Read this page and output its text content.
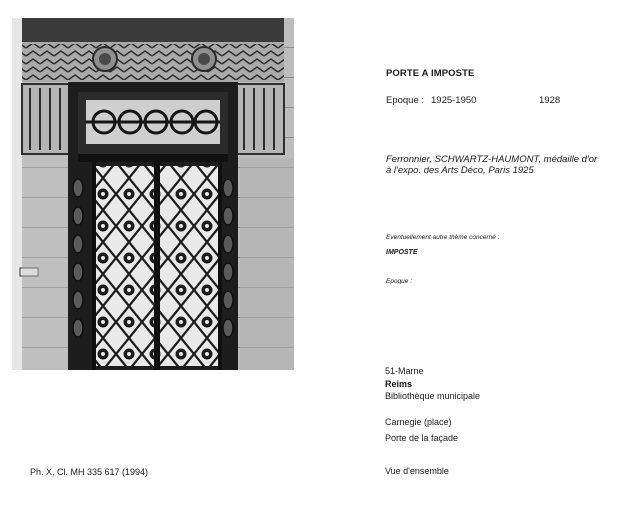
PORTE A IMPOSTE
Epoque : 1925-1950	1928
Ferronnier, SCHWARTZ-HAUMONT, médaille d'or à l'expo. des Arts Déco, Paris 1925
Eventuellement autre thème concerné :
IMPOSTE
Epoque :
51-Marne
Reims
Bibliothèque municipale
Carnegie (place)
Porte de la façade
Vue d'ensemble
Ph. X, Cl. MH 335 617 (1994)
